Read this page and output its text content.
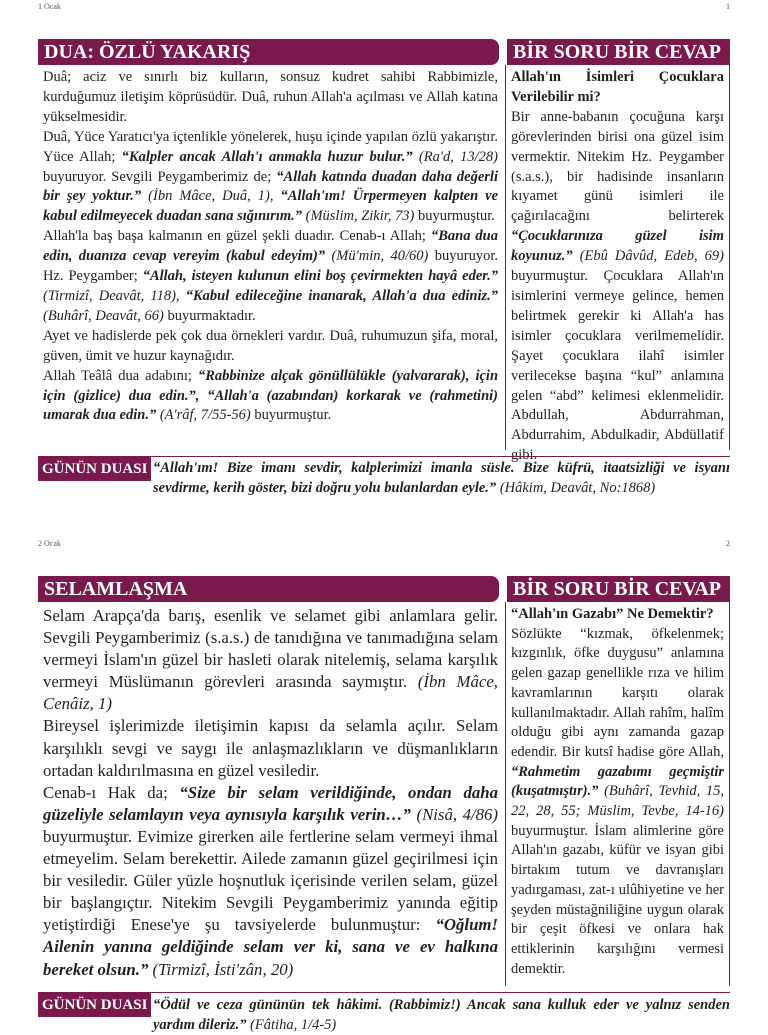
1 Ocak	1
DUA: ÖZLÜ YAKARIŞ	BİR SORU BİR CEVAP

Duâ; aciz ve sınırlı biz kulların, sonsuz kudret sahibi Rabbimizle, kurduğumuz iletişim köprüsüdür. Duâ, ruhun Allah'a açılması ve Allah katına yükselmesidir.

Duâ, Yüce Yaratıcı'ya içtenlikle yönelerek, huşu içinde yapılan özlü yakarıştır. Yüce Allah; “Kalpler ancak Allah'ı anmakla huzur bulur.” (Ra'd, 13/28) buyuruyor. Sevgili Peygamberimiz de; “Allah katında duadan daha değerli bir şey yoktur.” (İbn Mâce, Duâ, 1), “Allah'ım! Ürpermeyen kalpten ve kabul edilmeyecek duadan sana sığınırım.” (Müslim, Zikir, 73) buyurmuştur.

Allah'la baş başa kalmanın en güzel şekli duadır. Cenab-ı Allah; “Bana dua edin, duanıza cevap vereyim (kabul edeyim)” (Mü'min, 40/60) buyuruyor. Hz. Peygamber; “Allah, isteyen kulunun elini boş çevirmekten hayâ eder.” (Tirmizî, Deavât, 118), “Kabul edileceğine inanarak, Allah'a dua ediniz.” (Buhârî, Deavât, 66) buyurmaktadır.

Ayet ve hadislerde pek çok dua örnekleri vardır. Duâ, ruhumuzun şifa, moral, güven, ümit ve huzur kaynağıdır.

Allah Teâlâ dua adabını; “Rabbinize alçak gönüllülükle (yalvararak), için için (gizlice) dua edin.”, “Allah'a (azabından) korkarak ve (rahmetini) umarak dua edin.” (A'râf, 7/55-56) buyurmuştur.

Allah'ın İsimleri Çocuklara Verilebilir mi?

Bir anne-babanın çocuğuna karşı görevlerinden birisi ona güzel isim vermektir. Nitekim Hz. Peygamber (s.a.s.), bir hadisinde insanların kıyamet günü isimleri ile çağırılacağını belirterek “Çocuklarınıza güzel isim koyunuz.” (Ebû Dâvûd, Edeb, 69) buyurmuştur. Çocuklara Allah'ın isimlerini vermeye gelince, hemen belirtmek gerekir ki Allah'a has isimler çocuklara verilmemelidir. Şayet çocuklara ilahî isimler verilecekse başına “kul” anlamına gelen “abd” kelimesi eklenmelidir. Abdullah, Abdurrahman, Abdurrahim, Abdulkadir, Abdüllatif gibi.

GÜNÜN DUASI “Allah'ım! Bize imanı sevdir, kalplerimizi imanla süsle. Bize küfrü, itaatsizliği ve isyanı sevdirme, kerih göster, bizi doğru yolu bulanlardan eyle.” (Hâkim, Deavât, No:1868)
2 Ocak	2
SELAMLAŞMA	BİR SORU BİR CEVAP

Selam Arapça'da barış, esenlik ve selamet gibi anlamlara gelir. Sevgili Peygamberimiz (s.a.s.) de tanıdığına ve tanımadığına selam vermeyi İslam'ın güzel bir hasleti olarak nitelemiş, selama karşılık vermeyi Müslümanın görevleri arasında saymıştır. (İbn Mâce, Cenâiz, 1)

Bireysel işlerimizde iletişimin kapısı da selamla açılır. Selam karşılıklı sevgi ve saygı ile anlaşmazlıkların ve düşmanlıkların ortadan kaldırılmasına en güzel vesiledir.

Cenab-ı Hak da; “Size bir selam verildiğinde, ondan daha güzeliyle selamlayın veya aynısıyla karşılık verin…” (Nisâ, 4/86) buyurmuştur. Evimize girerken aile fertlerine selam vermeyi ihmal etmeyelim. Selam berekettir. Ailede zamanın güzel geçirilmesi için bir vesiledir. Güler yüzle hoşnutluk içerisinde verilen selam, güzel bir başlangıçtır. Nitekim Sevgili Peygamberimiz yanında eğitip yetiştirdiği Enese'ye şu tavsiyelerde bulunmuştur: “Oğlum! Ailenin yanına geldiğinde selam ver ki, sana ve ev halkına bereket olsun.” (Tirmizî, İsti'zân, 20)

“Allah'ın Gazabı” Ne Demektir?

Sözlükte “kızmak, öfkelenmek; kızgınlık, öfke duygusu” anlamına gelen gazap genellikle rıza ve hilim kavramlarının karşıtı olarak kullanılmaktadır. Allah rahîm, halîm olduğu gibi aynı zamanda gazap edendir. Bir kutsî hadise göre Allah, “Rahmetim gazabımı geçmiştir (kuşatmıştır).” (Buhârî, Tevhid, 15, 22, 28, 55; Müslim, Tevbe, 14-16) buyurmuştur. İslam alimlerine göre Allah'ın gazabı, küfür ve isyan gibi birtakım tutum ve davranışları yadırgaması, zat-ı ulûhiyetine ve her şeyden müstağniliğine uygun olarak bir çeşit öfkesi ve onlara hak ettiklerinin karşılığını vermesi demektir.

GÜNÜN DUASI “Ödül ve ceza gününün tek hâkimi. (Rabbimiz!) Ancak sana kulluk eder ve yalnız senden yardım dileriz.” (Fâtiha, 1/4-5)
